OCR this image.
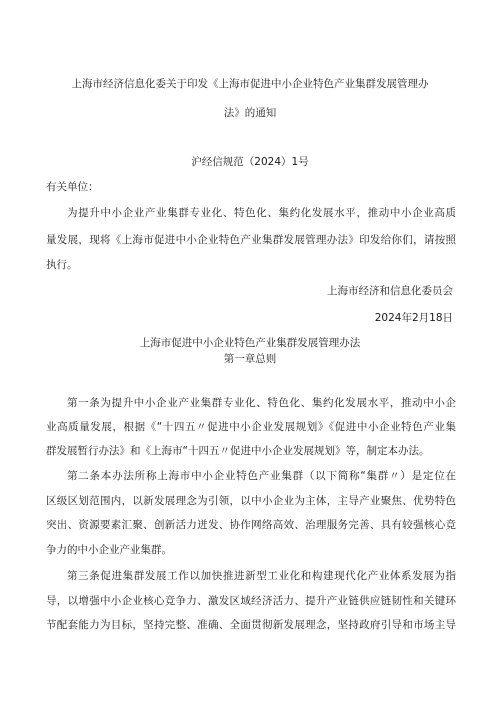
上海市经济信息化委关于印发《上海市促进中小企业特色产业集群发展管理办
法》的通知
沪经信规范（2024）1号
有关单位：
为提升中小企业产业集群专业化、特色化、集约化发展水平，推动中小企业高质
量发展，现将《上海市促进中小企业特色产业集群发展管理办法》印发给你们，请按照
执行。
上海市经济和信息化委员会
2024年2月18日
上海市促进中小企业特色产业集群发展管理办法
第一章总则
第一条为提升中小企业产业集群专业化、特色化、集约化发展水平，推动中小企
业高质量发展，根据《“十四五〃促进中小企业发展规划》《促进中小企业特色产业集
群发展暂行办法》和《上海市“十四五〃促进中小企业发展规划》等，制定本办法。
第二条本办法所称上海市中小企业特色产业集群（以下简称“集群〃）是定位在
区级区划范围内，以新发展理念为引领，以中小企业为主体，主导产业聚焦、优势特色
突出、资源要素汇聚、创新活力迸发、协作网络高效、治理服务完善、具有较强核心竞
争力的中小企业产业集群。
第三条促进集群发展工作以加快推进新型工业化和构建现代化产业体系发展为指
导，以增强中小企业核心竞争力、激发区域经济活力、提升产业链供应链韧性和关键环
节配套能力为目标，坚持完整、准确、全面贯彻新发展理念，坚持政府引导和市场主导
